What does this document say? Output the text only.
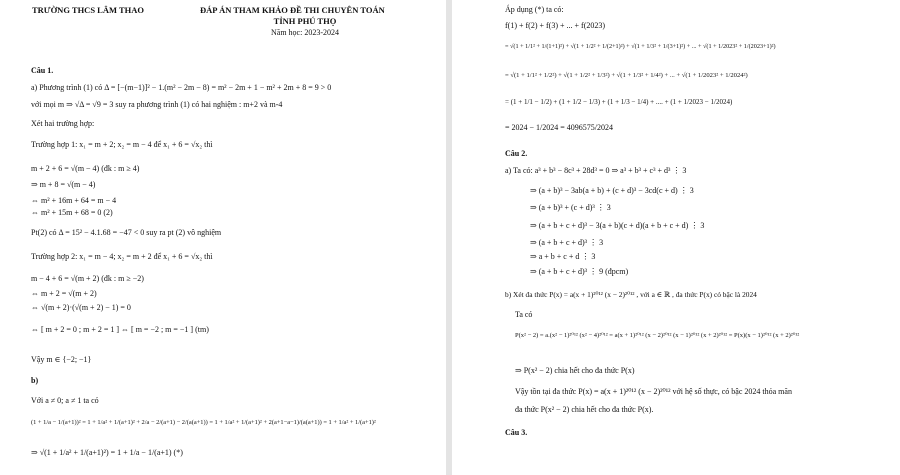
TRƯỜNG THCS LÂM THAO	ĐÁP ÁN THAM KHẢO ĐỀ THI CHUYÊN TOÁN
TỈNH PHÚ THỌ
Năm học: 2023-2024
Câu 1.
a) Phương trình (1) có Δ = [−(m−1)]² − 1.(m² − 2m − 8) = m² − 2m + 1 − m² + 2m + 8 = 9 > 0
với mọi m ⇒ √Δ = √9 = 3 suy ra phương trình (1) có hai nghiệm : m+2 và m-4
Xét hai trường hợp:
Trường hợp 1: x₁ = m + 2; x₂ = m − 4 để x₁ + 6 = √x₂ thì
m + 2 + 6 = √(m − 4) (đk : m ≥ 4)
⇒ m + 8 = √(m − 4)
⇔ m² + 16m + 64 = m − 4
⇔ m² + 15m + 68 = 0 (2)
Pt(2) có Δ = 15² − 4.1.68 = −47 < 0 suy ra pt (2) vô nghiệm
Trường hợp 2: x₁ = m − 4; x₂ = m + 2 để x₁ + 6 = √x₂ thì
m − 4 + 6 = √(m + 2) (đk : m ≥ −2)
⇔ m + 2 = √(m + 2)
⇔ √(m + 2)·(√(m + 2) − 1) = 0
⇔ [ m + 2 = 0 ; m + 2 = 1 ] ⇔ [ m = −2 ; m = −1 ] (tm)
Vậy m ∈ {−2; −1}
b)
Với a ≠ 0; a ≠ 1 ta có
(1 + 1/a − 1/(a+1))² = 1 + 1/a² + 1/(a+1)² + 2/a − 2/(a+1) − 2/(a(a+1)) = 1 + 1/a² + 1/(a+1)² + 2(a+1−a−1)/(a(a+1)) = 1 + 1/a² + 1/(a+1)²
⇒ √(1 + 1/a² + 1/(a+1)²) = 1 + 1/a − 1/(a+1) (*)
Áp dụng (*) ta có:
f(1) + f(2) + f(3) + ... + f(2023)
= √(1 + 1/1² + 1/(1+1)²) + √(1 + 1/2² + 1/(2+1)²) + √(1 + 1/3² + 1/(3+1)²) + ... + √(1 + 1/2023² + 1/(2023+1)²)
= √(1 + 1/1² + 1/2²) + √(1 + 1/2² + 1/3²) + √(1 + 1/3² + 1/4²) + ... + √(1 + 1/2023² + 1/2024²)
= (1 + 1/1 − 1/2) + (1 + 1/2 − 1/3) + (1 + 1/3 − 1/4) + .... + (1 + 1/2023 − 1/2024)
= 2024 − 1/2024 = 4096575/2024
Câu 2.
a) Ta có: a³ + b³ − 8c³ + 28d³ = 0 ⇒ a³ + b³ + c³ + d³ ⋮ 3
⇒ (a + b)³ − 3ab(a + b) + (c + d)³ − 3cd(c + d) ⋮ 3
⇒ (a + b)³ + (c + d)³ ⋮ 3
⇒ (a + b + c + d)³ − 3(a + b)(c + d)(a + b + c + d) ⋮ 3
⇒ (a + b + c + d)³ ⋮ 3
⇒ a + b + c + d ⋮ 3
⇒ (a + b + c + d)³ ⋮ 9 (đpcm)
b) Xét đa thức P(x) = a(x + 1)²⁰¹² (x − 2)²⁰¹² , với a ∈ ℝ , đa thức P(x) có bậc là 2024
Ta có
P(x² − 2) = a.(x² − 1)²⁰¹² (x² − 4)²⁰¹² = a(x + 1)²⁰¹² (x − 2)²⁰¹² (x − 1)²⁰¹² (x + 2)²⁰¹² = P(x)(x − 1)²⁰¹² (x + 2)²⁰¹²
⇒ P(x² − 2) chia hết cho đa thức P(x)
Vậy tồn tại đa thức P(x) = a(x + 1)²⁰¹² (x − 2)²⁰¹² với hệ số thực, có bậc 2024 thỏa mãn
đa thức P(x² − 2) chia hết cho đa thức P(x).
Câu 3.
